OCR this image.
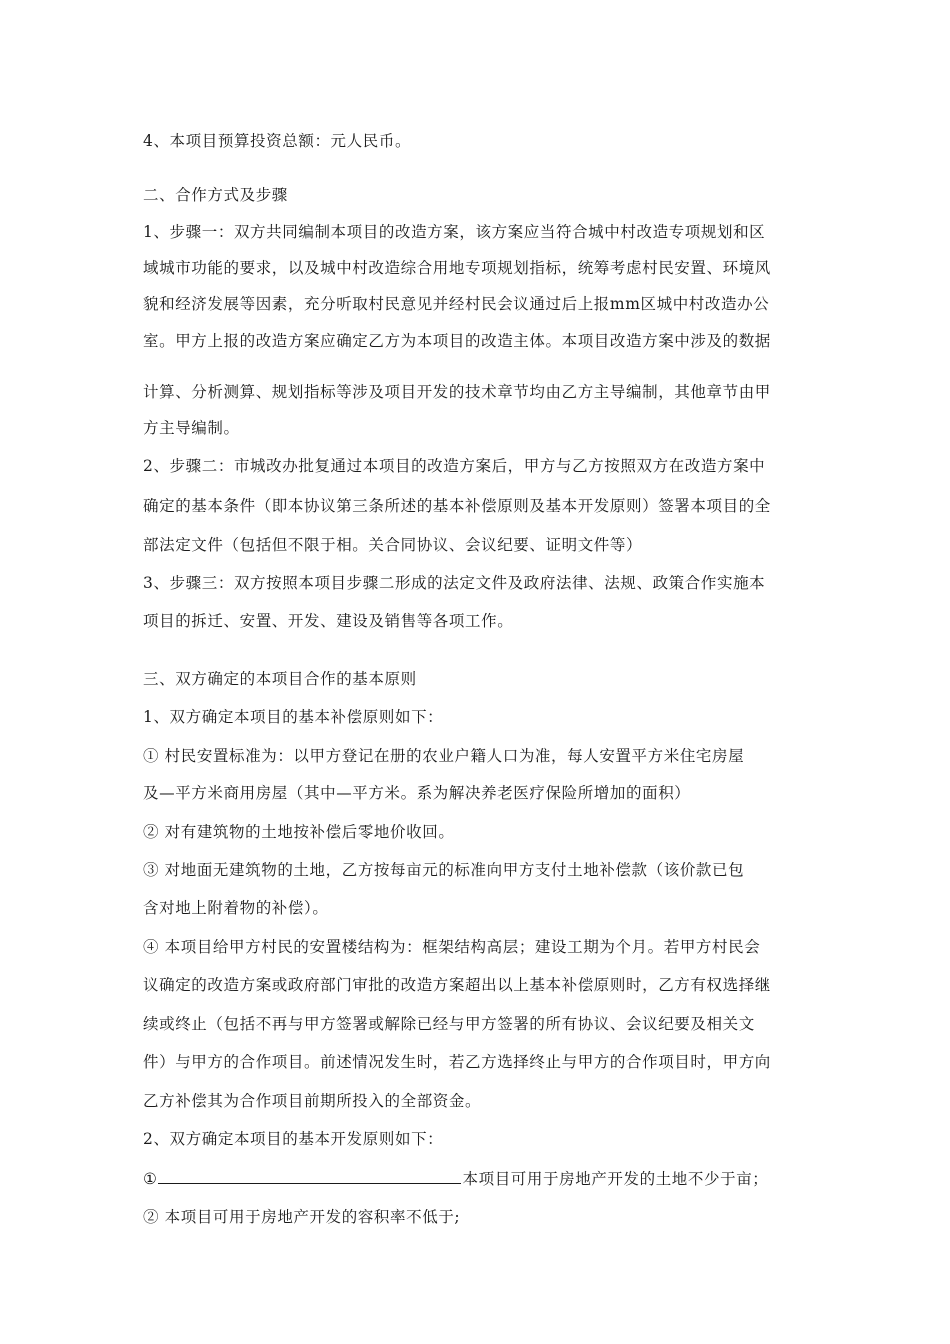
4、本项目预算投资总额：元人民币。
二、合作方式及步骤
1、步骤一：双方共同编制本项目的改造方案，该方案应当符合城中村改造专项规划和区
域城市功能的要求，以及城中村改造综合用地专项规划指标，统筹考虑村民安置、环境风
貌和经济发展等因素，充分听取村民意见并经村民会议通过后上报mm区城中村改造办公
室。甲方上报的改造方案应确定乙方为本项目的改造主体。本项目改造方案中涉及的数据
计算、分析测算、规划指标等涉及项目开发的技术章节均由乙方主导编制，其他章节由甲
方主导编制。
2、步骤二：市城改办批复通过本项目的改造方案后，甲方与乙方按照双方在改造方案中
确定的基本条件（即本协议第三条所述的基本补偿原则及基本开发原则）签署本项目的全
部法定文件（包括但不限于相。关合同协议、会议纪要、证明文件等）
3、步骤三：双方按照本项目步骤二形成的法定文件及政府法律、法规、政策合作实施本
项目的拆迁、安置、开发、建设及销售等各项工作。
三、双方确定的本项目合作的基本原则
1、双方确定本项目的基本补偿原则如下：
① 村民安置标准为：以甲方登记在册的农业户籍人口为准，每人安置平方米住宅房屋
及—平方米商用房屋（其中—平方米。系为解决养老医疗保险所增加的面积）
② 对有建筑物的土地按补偿后零地价收回。
③ 对地面无建筑物的土地，乙方按每亩元的标准向甲方支付土地补偿款（该价款已包
含对地上附着物的补偿）。
④ 本项目给甲方村民的安置楼结构为：框架结构高层；建设工期为个月。若甲方村民会
议确定的改造方案或政府部门审批的改造方案超出以上基本补偿原则时，乙方有权选择继
续或终止（包括不再与甲方签署或解除已经与甲方签署的所有协议、会议纪要及相关文
件）与甲方的合作项目。前述情况发生时，若乙方选择终止与甲方的合作项目时，甲方向
乙方补偿其为合作项目前期所投入的全部资金。
2、双方确定本项目的基本开发原则如下：
①	本项目可用于房地产开发的土地不少于亩；
② 本项目可用于房地产开发的容积率不低于;
